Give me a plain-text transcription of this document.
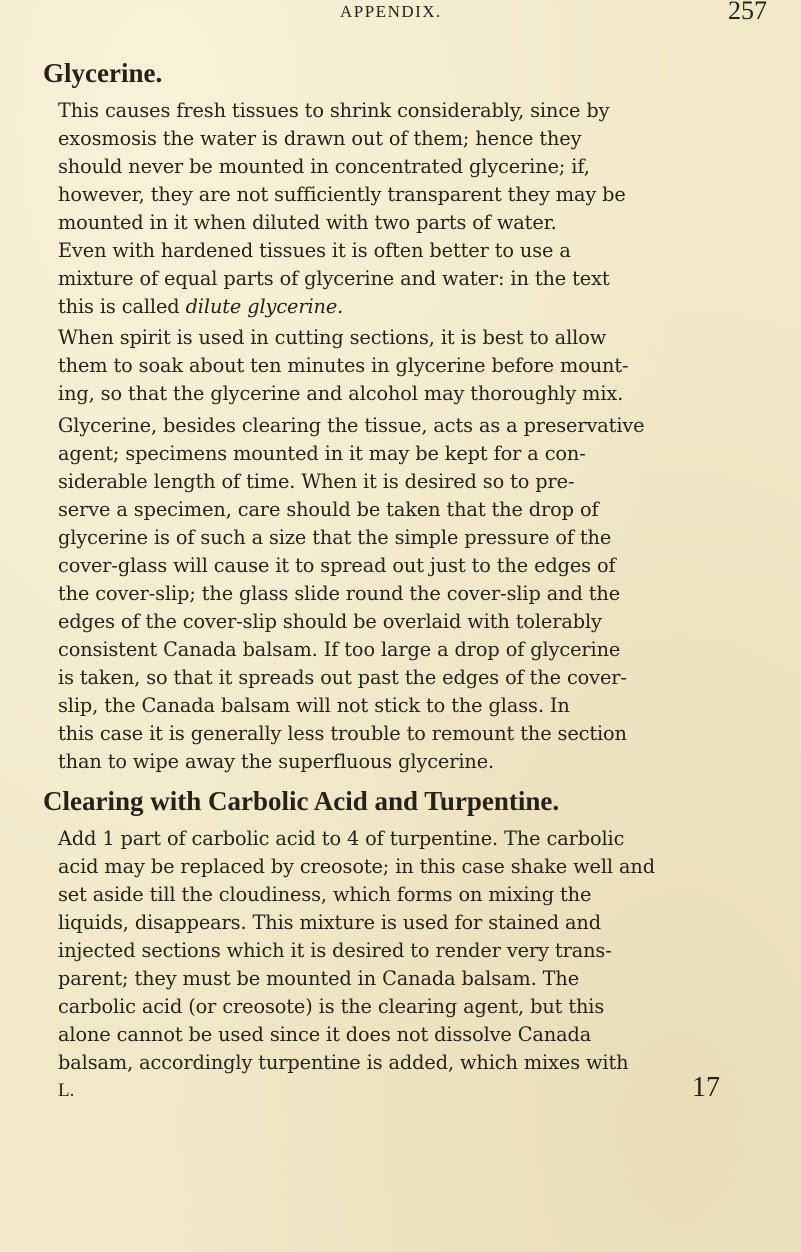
APPENDIX.	257
Glycerine.
This causes fresh tissues to shrink considerably, since by
exosmosis the water is drawn out of them; hence they
should never be mounted in concentrated glycerine; if,
however, they are not sufficiently transparent they may be
mounted in it when diluted with two parts of water.
Even with hardened tissues it is often better to use a
mixture of equal parts of glycerine and water: in the text
this is called dilute glycerine.
When spirit is used in cutting sections, it is best to allow
them to soak about ten minutes in glycerine before mount-
ing, so that the glycerine and alcohol may thoroughly mix.
Glycerine, besides clearing the tissue, acts as a preservative
agent; specimens mounted in it may be kept for a con-
siderable length of time. When it is desired so to pre-
serve a specimen, care should be taken that the drop of
glycerine is of such a size that the simple pressure of the
cover-glass will cause it to spread out just to the edges of
the cover-slip; the glass slide round the cover-slip and the
edges of the cover-slip should be overlaid with tolerably
consistent Canada balsam. If too large a drop of glycerine
is taken, so that it spreads out past the edges of the cover-
slip, the Canada balsam will not stick to the glass. In
this case it is generally less trouble to remount the section
than to wipe away the superfluous glycerine.
Clearing with Carbolic Acid and Turpentine.
Add 1 part of carbolic acid to 4 of turpentine. The carbolic
acid may be replaced by creosote; in this case shake well and
set aside till the cloudiness, which forms on mixing the
liquids, disappears. This mixture is used for stained and
injected sections which it is desired to render very trans-
parent; they must be mounted in Canada balsam. The
carbolic acid (or creosote) is the clearing agent, but this
alone cannot be used since it does not dissolve Canada
balsam, accordingly turpentine is added, which mixes with
L.	17
